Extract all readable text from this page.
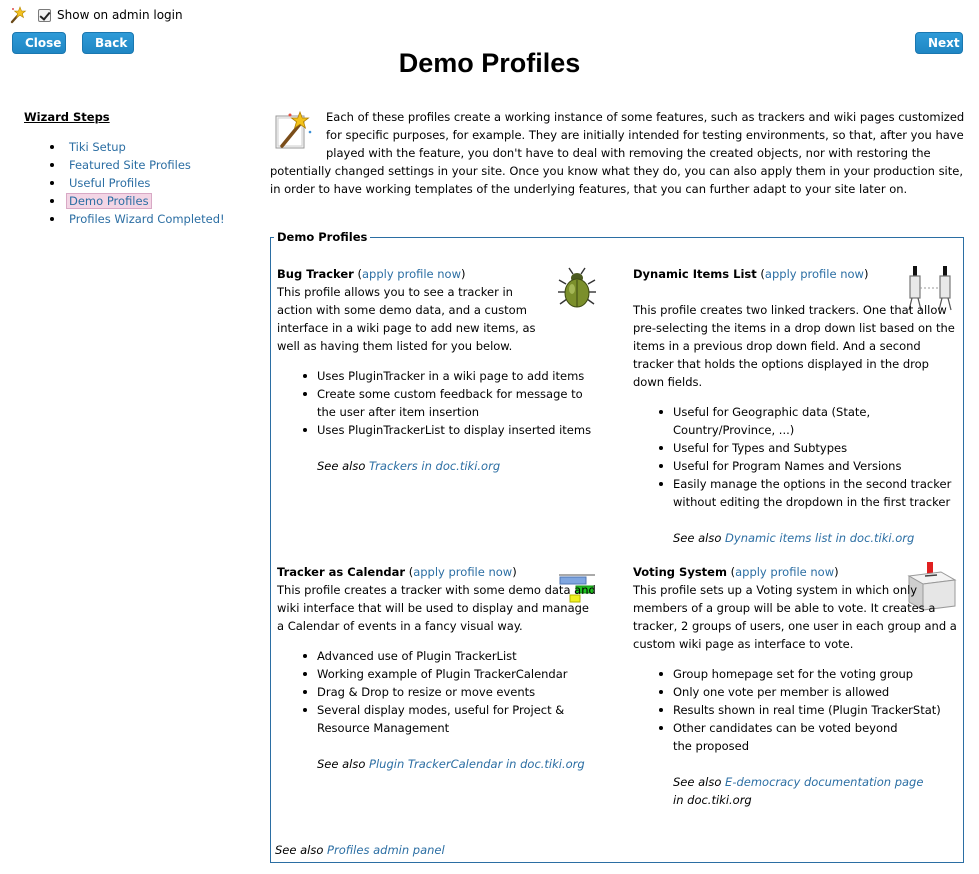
Show on admin login
Close	Back	Next
Demo Profiles
Wizard Steps
Tiki Setup
Featured Site Profiles
Useful Profiles
Demo Profiles
Profiles Wizard Completed!
Each of these profiles create a working instance of some features, such as trackers and wiki pages customized for specific purposes, for example. They are initially intended for testing environments, so that, after you have played with the feature, you don't have to deal with removing the created objects, nor with restoring the potentially changed settings in your site. Once you know what they do, you can also apply them in your production site, in order to have working templates of the underlying features, that you can further adapt to your site later on.
Demo Profiles
Bug Tracker (apply profile now)
This profile allows you to see a tracker in action with some demo data, and a custom interface in a wiki page to add new items, as well as having them listed for you below.
Uses PluginTracker in a wiki page to add items
Create some custom feedback for message to the user after item insertion
Uses PluginTrackerList to display inserted items
See also Trackers in doc.tiki.org
Dynamic Items List (apply profile now)
This profile creates two linked trackers. One that allow pre-selecting the items in a drop down list based on the items in a previous drop down field. And a second tracker that holds the options displayed in the drop down fields.
Useful for Geographic data (State, Country/Province, ...)
Useful for Types and Subtypes
Useful for Program Names and Versions
Easily manage the options in the second tracker without editing the dropdown in the first tracker
See also Dynamic items list in doc.tiki.org
Tracker as Calendar (apply profile now)
This profile creates a tracker with some demo data and wiki interface that will be used to display and manage a Calendar of events in a fancy visual way.
Advanced use of Plugin TrackerList
Working example of Plugin TrackerCalendar
Drag & Drop to resize or move events
Several display modes, useful for Project & Resource Management
See also Plugin TrackerCalendar in doc.tiki.org
Voting System (apply profile now)
This profile sets up a Voting system in which only members of a group will be able to vote. It creates a tracker, 2 groups of users, one user in each group and a custom wiki page as interface to vote.
Group homepage set for the voting group
Only one vote per member is allowed
Results shown in real time (Plugin TrackerStat)
Other candidates can be voted beyond the proposed
See also E-democracy documentation page in doc.tiki.org
See also Profiles admin panel
